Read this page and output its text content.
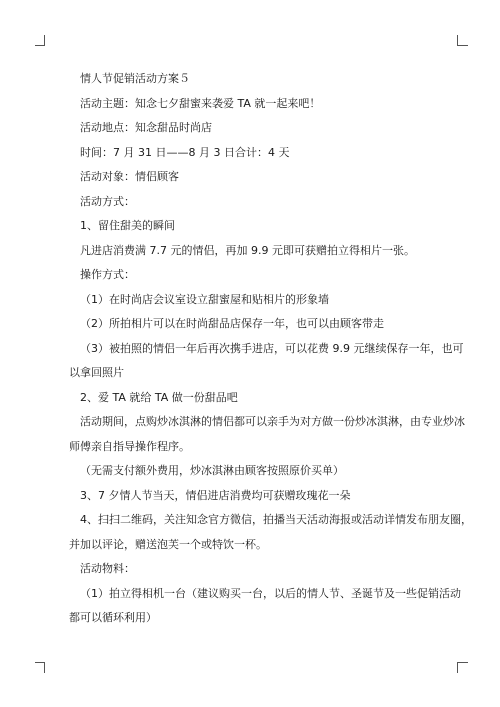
情人节促销活动方案５
活动主题：知念七夕甜蜜来袭爱 TA 就一起来吧！
活动地点：知念甜品时尚店
时间：7 月 31 日——8 月 3 日合计：4 天
活动对象：情侣顾客
活动方式：
1、留住甜美的瞬间
凡进店消费满 7.7 元的情侣，再加 9.9 元即可获赠拍立得相片一张。
操作方式：
（1）在时尚店会议室设立甜蜜屋和贴相片的形象墙
（2）所拍相片可以在时尚甜品店保存一年，也可以由顾客带走
（3）被拍照的情侣一年后再次携手进店，可以花费 9.9 元继续保存一年，也可
以拿回照片
2、爱 TA 就给 TA 做一份甜品吧
活动期间，点购炒冰淇淋的情侣都可以亲手为对方做一份炒冰淇淋，由专业炒冰
师傅亲自指导操作程序。
（无需支付额外费用，炒冰淇淋由顾客按照原价买单）
3、7 夕情人节当天，情侣进店消费均可获赠玫瑰花一朵
4、扫扫二维码，关注知念官方微信，拍播当天活动海报或活动详情发布朋友圈，
并加以评论，赠送泡芙一个或特饮一杯。
活动物料：
（1）拍立得相机一台（建议购买一台，以后的情人节、圣诞节及一些促销活动
都可以循环利用）
